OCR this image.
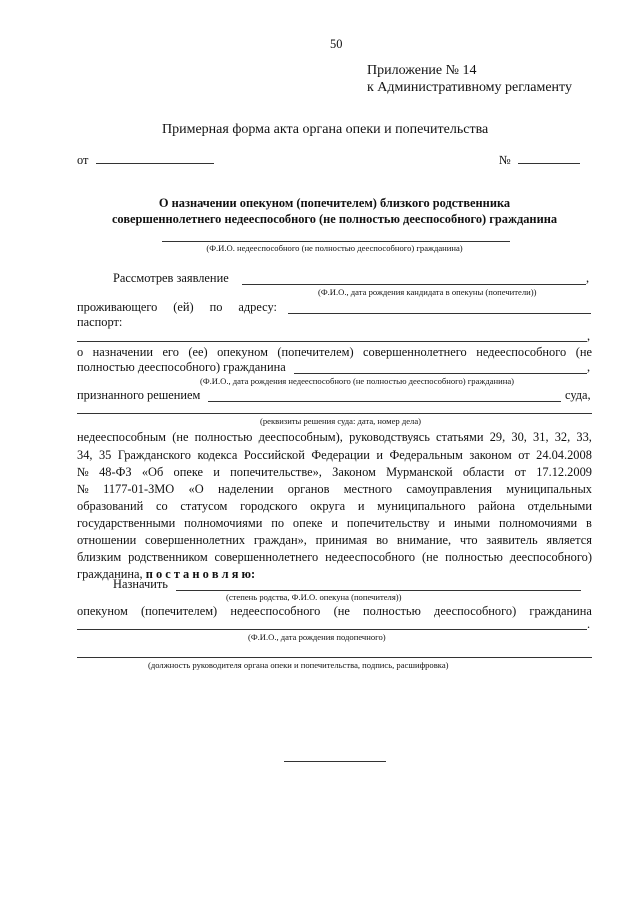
50
Приложение № 14
к Административному регламенту
Примерная форма акта органа опеки и попечительства
от	№
О назначении опекуном (попечителем) близкого родственника
совершеннолетнего недееспособного (не полностью дееспособного) гражданина
(Ф.И.О. недееспособного (не полностью дееспособного) гражданина)
Рассмотрев заявление	,
(Ф.И.О., дата рождения кандидата в опекуны (попечители))
проживающего (ей) по адресу:
паспорт:
,
о назначении его (ее) опекуном (попечителем) совершеннолетнего недееспособного (не
полностью дееспособного) гражданина	,
(Ф.И.О., дата рождения недееспособного (не полностью дееспособного) гражданина)
признанного решением	суда,
(реквизиты решения суда: дата, номер дела)
недееспособным (не полностью дееспособным), руководствуясь статьями 29, 30, 31, 32, 33,
34, 35 Гражданского кодекса Российской Федерации и Федеральным законом от 24.04.2008
№ 48-ФЗ «Об опеке и попечительстве», Законом Мурманской области от 17.12.2009
№ 1177-01-ЗМО «О наделении органов местного самоуправления муниципальных
образований со статусом городского округа и муниципального района отдельными
государственными полномочиями по опеке и попечительству и иными полномочиями в
отношении совершеннолетних граждан», принимая во внимание, что заявитель является
близким родственником совершеннолетнего недееспособного (не полностью дееспособного)
гражданина, п о с т а н о в л я ю:
Назначить
(степень родства, Ф.И.О. опекуна (попечителя))
опекуном (попечителем) недееспособного (не полностью дееспособного) гражданина
.
(Ф.И.О., дата рождения подопечного)
(должность руководителя органа опеки и попечительства, подпись, расшифровка)
